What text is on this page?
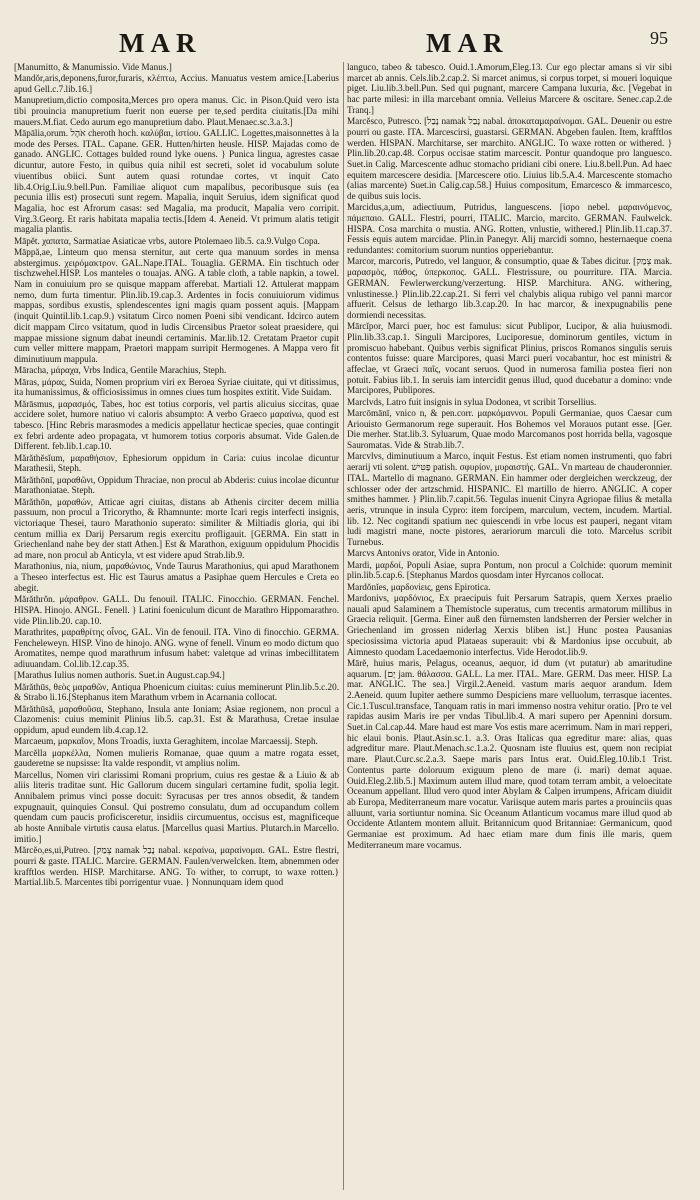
MAR	MAR	95

[Manumitto, & Manumissio. Vide Manus.]

Mandŏr,aris,deponens,furor,furaris, κλέπτω, Accius. Manuatus vestem amice.[Laberius apud Gell.c.7.lib.16.]

Manupretium,dictio composita,Merces pro opera manus. Cic. in Pison.Quid vero ista tibi prouincia manupretium fuerit non euerse per te,sed perdita ciuitatis.[Da mihi mauers.M.fiat. Cedo aurum ego manupretium dabo. Plaut.Menaec.sc.3.a.3.]

Māpālia,orum. אֹהֶל cheroth hoch. καλύβαι, ἱστίου. GALLIC. Logettes,maisonnettes à la mode des Perses. ITAL. Capane. GER. Hutten/hirten heusle. HISP. Majadas como de ganado. ANGLIC. Cottages bulded round lyke ouens. } Punica lingua, agrestes casae dicuntur, autore Festo, in quibus quia nihil est secreti, solet id vocabulum solute viuentibus obiici. Sunt autem quasi rotundae cortes, vt inquit Cato lib.4.Orig.Liu.9.bell.Pun. Familiae aliquot cum mapalibus, pecoribusque suis (ea pecunia illis est) prosecuti sunt regem. Mapalia, inquit Seruius, idem significat quod Magalia, hoc est Afrorum casas: sed Magalia, ma producit, Mapalia vero corripit. Virg.3.Georg. Et raris habitata mapalia tectis.[Idem 4. Aeneid. Vt primum alatis tetigit magalia plantis.

Māpĕt. χαπατα, Sarmatiae Asiaticae vrbs, autore Ptolemaeo lib.5. ca.9.Vulgo Copa.

Māppă,ae, Linteum quo mensa sternitur, aut certe qua manuum sordes in mensa abstergimus. χειρόμακτρον. GAL.Nape.ITAL. Touaglia. GERMA. Ein tischtuch oder tischzwehel.HISP. Los manteles o touajas. ANG. A table cloth, a table napkin, a towel. Nam in conuiuium pro se quisque mappam afferebat. Martiali 12. Attulerat mappam nemo, dum furta timentur. Plin.lib.19.cap.3. Ardentes in focis conuiuiorum vidimus mappas, sordibus exustis, splendescentes igni magis quam possent aquis. [Mappam (inquit Quintil.lib.1.cap.9.) vsitatum Circo nomen Poeni sibi vendicant. Idcirco autem dicit mappam Circo vsitatum, quod in ludis Circensibus Praetor soleat praesidere, qui mappae missione signum dabat ineundi certaminis. Mar.lib.12. Cretatam Praetor cupit cum veller mittere mappam, Praetori mappam surripit Hermogenes. A Mappa vero fit diminutiuum mappula.

Māracha, μάραχα, Vrbs Indica, Gentile Marachius, Steph.

Māras, μάρας, Suida, Nomen proprium viri ex Beroea Syriae ciuitate, qui vt ditissimus, ita humanissimus, & officiosissimus in omnes ciues tum hospites extitit. Vide Suidam.

Mărāsmus, μαρασμός, Tabes, hoc est totius corporis, vel partis alicuius siccitas, quae accidere solet, humore natiuo vi caloris absumpto: A verbo Graeco μαραίνω, quod est tabesco. [Hinc Rebris marasmodes a medicis appellatur hecticae species, quae contingit ex febri ardente adeo propagata, vt humorem totius corporis absumat. Vide Galen.de Different. feb.lib.1.cap.10.

Mărăthĕsĭum, μαραθήσιον, Ephesiorum oppidum in Caria: cuius incolae dicuntur Marathesii, Steph.

Mărăthōnī, μαραθῶνι, Oppidum Thraciae, non procul ab Abderis: cuius incolae dicuntur Marathoniatae. Steph.

Mărăthōn, μαραθών, Atticae agri ciuitas, distans ab Athenis circiter decem millia passuum, non procul a Tricorytho, & Rhamnunte: morte Icari regis interfecti insignis, victoriaque Thesei, tauro Marathonio superato: similiter & Miltiadis gloria, qui ibi centum millia ex Darij Persarum regis exercitu profligauit. [GERMA. Ein statt in Griechenland nahe bey der statt Athen.] Est & Marathon, exiguum oppidulum Phocidis ad mare, non procul ab Anticyla, vt est videre apud Strab.lib.9.

Marathonius, nia, nium, μαραθώνιος, Vnde Taurus Marathonius, qui apud Marathonem a Theseo interfectus est. Hic est Taurus amatus a Pasiphae quem Hercules e Creta eo abegit.

Mărăthrŏn. μάραθρον. GALL. Du fenouil. ITALIC. Finocchio. GERMAN. Fenchel. HISPA. Hinojo. ANGL. Fenell. } Latini foeniculum dicunt de Marathro Hippomarathro. vide Plin.lib.20. cap.10.

Marathrites, μαραθρίτης οἶνος, GAL. Vin de fenouil. ITA. Vino di finocchio. GERMA. Fencheleweyn. HISP. Vino de hinojo. ANG. wyne of fenell. Vinum eo modo dictum quo Aromatites, nempe quod marathrum infusum habet: valetque ad vrinas imbecillitatem adiuuandam. Col.lib.12.cap.35.

[Marathus Iulius nomen authoris. Suet.in August.cap.94.]

Mărăthūs, θεὸς μαραθῶν, Antiqua Phoenicum ciuitas: cuius meminerunt Plin.lib.5.c.20. & Strabo li.16.[Stephanus item Marathum vrbem in Acarnania collocat.

Mărăthūsă, μαραθοῦσα, Stephano, Insula ante Ioniam; Asiae regionem, non procul a Clazomenis: cuius meminit Plinius lib.5. cap.31. Est & Marathusa, Cretae insulae oppidum, apud eundem lib.4.cap.12.

Marcaeum, μαρκαῖον, Mons Troadis, iuxta Geraghitem, incolae Marcaessij. Steph.

Marcĕlla μαρκέλλα, Nomen mulieris Romanae, quae quum a matre rogata esset, gauderetne se nupsisse: Ita valde respondit, vt amplius nolim.

Marcellus, Nomen viri clarissimi Romani proprium, cuius res gestae & a Liuio & ab aliis literis traditae sunt. Hic Gallorum ducem singulari certamine fudit, spolia legit. Annibalem primus vinci posse docuit: Syracusas per tres annos obsedit, & tandem expugnauit, quinquies Consul. Qui postremo consulatu, dum ad occupandum collem quendam cum paucis proficisceretur, insidiis circumuentus, occisus est, magnificeque ab hoste Annibale virtutis causa elatus. [Marcellus quasi Martius. Plutarch.in Marcello. imitio.]

Mărcĕo,es,ui,Putreo. [צְמַק namak נָבַל nabal. κεραίνω, μαραίνομαι. GAL. Estre flestri, pourri & gaste. ITALIC. Marcire. GERMAN. Faulen/verwelcken. Item, abnemmen oder krafftlos werden. HISP. Marchitarse. ANG. To wither, to corrupt, to waxe rotten.} Martial.lib.5. Marcentes tibi porrigentur vuae. } Nonnunquam idem quod

languco, tabeo & tabesco. Ouid.1.Amorum,Eleg.13. Cur ego plectar amans si vir sibi marcet ab annis. Cels.lib.2.cap.2. Si marcet animus, si corpus torpet, si moueri loquique piget. Liu.lib.3.bell.Pun. Sed qui pugnant, marcere Campana luxuria, &c. [Vegebat in hac parte milesi: in illa marcebant omnia. Velleius Marcere & oscitare. Senec.cap.2.de Tranq.]

Marcĕsco, Putresco. [נָבַל namak נָבַל nabal. ἀποκαταμαραίνομαι. GAL. Deuenir ou estre pourri ou gaste. ITA. Marcescirsi, guastarsi. GERMAN. Abgeben faulen. Item, krafftlos werden. HISPAN. Marchitarse, ser marchito. ANGLIC. To waxe rotten or withered. } Plin.lib.20.cap.48. Corpus occisae statim marcescit. Pontur quandoque pro languesco. Suet.in Calig. Marcescente adhuc stomacho pridiani cibi onere. Liu.8.bell.Pun. Ad haec equitem marcescere desidia. [Marcescere otio. Liuius lib.5.A.4. Marcescente stomacho (alias marcente) Suet.in Calig.cap.58.] Huius compositum, Emarcesco & immarcesco, de quibus suis locis.

Marcidus,a,um, adiectiuum, Putridus, languescens. [ἰσρο nebel. μαραινόμενος, πάμεπαιο. GALL. Flestri, pourri, ITALIC. Marcio, marcito. GERMAN. Faulwelck. HISPA. Cosa marchita o mustia. ANG. Rotten, vnlustie, withered.] Plin.lib.11.cap.37. Fessis equis autem marcidae. Plin.in Panegyr. Alij marcidi somno, hesternaeque coena redundantes: comitorium suorum nuntios opperiebantur.

Marcor, marcoris, Putredo, vel languor, & consumptio, quae & Tabes dicitur. [צְמַק mak. μαρασμὸς, πάθος, ὑπερκοπος. GALL. Flestrissure, ou pourriture. ITA. Marcia. GERMAN. Fewlerwerckung/verzertung. HISP. Marchitura. ANG. withering, vnlustinesse.} Plin.lib.22.cap.21. Si ferri vel chalybis aliqua rubigo vel panni marcor affuerit. Celsus de lethargo lib.3.cap.20. In hac marcor, & inexpugnabilis pene dormiendi necessitas.

Mārcĭpor, Marci puer, hoc est famulus: sicut Publipor, Lucipor, & alia huiusmodi. Plin.lib.33.cap.1. Singuli Marcipores, Luciporesue, dominorum gentiles, victum in promiscuo habebant. Quibus verbis significat Plinius, priscos Romanos singulis seruis contentos fuisse: quare Marcipores, quasi Marci pueri vocabantur, hoc est ministri & affeclae, vt Graeci παῖς, vocant seruos. Quod in numerosa familia postea fieri non potuit. Fabius lib.1. In seruis iam intercidit genus illud, quod ducebatur a domino: vnde Marcipores, Publipores.

Marclvds, Latro fuit insignis in sylua Dodonea, vt scribit Torsellius.

Marcōmānī, vnico n, & pen.corr. μαρκόμαννοι. Populi Germaniae, quos Caesar cum Ariouisto Germanorum rege superauit. Hos Bohemos vel Morauos putant esse. [Ger. Die merher. Stat.lib.3. Syluarum, Quae modo Marcomanos post horrida bella, vagosque Sauromatas. Vide & Strab.lib.7.

Marcvlvs, diminutiuum a Marco, inquit Festus. Est etiam nomen instrumenti, quo fabri aerarij vti solent. פַּטִּישׁ patish. σφυρίον, μυραιστής. GAL. Vn marteau de chauderonnier. ITAL. Martello di magnano. GERMAN. Ein hammer oder dergleichen werckzeug, der schlosser oder der artzschmid. HISPANIC. El martillo de hierro. ANGLIC. A coper smithes hammer. } Plin.lib.7.capit.56. Tegulas inuenit Cinyra Agriopae filius & metalla aeris, vtrunque in insula Cypro: item forcipem, marculum, vectem, incudem. Martial. lib. 12. Nec cogitandi spatium nec quiescendi in vrbe locus est pauperi, negant vitam ludi magistri mane, nocte pistores, aerariorum marculi die toto. Marcelus scribit Turnebus.

Marcvs Antonivs orator, Vide in Antonio.

Mardi, μαρδοί, Populi Asiae, supra Pontum, non procul a Colchide: quorum meminit plin.lib.5.cap.6. [Stephanus Mardos quosdam inter Hyrcanos collocat.

Mardŏnĭes, μαρδονίεις, gens Epirotica.

Mardonivs, μαρδόνιος, Ex praecipuis fuit Persarum Satrapis, quem Xerxes praelio nauali apud Salaminem a Themistocle superatus, cum trecentis armatorum millibus in Graecia reliquit. [Germa. Einer auß den fürnemsten landsherren der Persier welcher in Griechenland im grossen niderlag Xerxis bliben ist.] Hunc postea Pausanias speciosissima victoria apud Plataeas superauit: vbi & Mardonius ipse occubuit, ab Aimnesto quodam Lacedaemonio interfectus. Vide Herodot.lib.9.

Mārĕ, huius maris, Pelagus, oceanus, aequor, id dum (vt putatur) ab amaritudine aquarum. [יָם jam. θάλασσα. GALL. La mer. ITAL. Mare. GERM. Das meer. HISP. La mar. ANGLIC. The sea.] Virgil.2.Aeneid. vastum maris aequor arandum. Idem 2.Aeneid. quum Iupiter aethere summo Despiciens mare velluolum, terrasque iacentes. Cic.1.Tuscul.transface, Tanquam ratis in mari immenso nostra vehitur oratio. [Pro te vel rapidas ausim Maris ire per vndas Tibul.lib.4. A mari supero per Apennini dorsum. Suet.in Cal.cap.44. Mare haud est mare Vos estis mare acerrimum. Nam in mari repperi, hic elaui bonis. Plaut.Asin.sc.1. a.3. Oras Italicas qua egreditur mare: alias, quas adgreditur mare. Plaut.Menach.sc.1.a.2. Quosnam iste fluuius est, quem non recipiat mare. Plaut.Curc.sc.2.a.3. Saepe maris pars Intus erat. Ouid.Eleg.10.lib.1 Trist. Contentus parte doloruum exiguum pleno de mare (i. mari) demat aquae. Ouid.Eleg.2.lib.5.] Maximum autem illud mare, quod totam terram ambit, a veloecitate Oceanum appellant. Illud vero quod inter Abylam & Calpen irrumpens, Africam diuidit ab Europa, Mediterraneum mare vocatur. Variisque autem maris partes a prouinciis quas alluunt, varia sortiuntur nomina. Sic Oceanum Atlanticum vocamus mare illud quod ab Occidente Atlantem montem alluit. Britannicum quod Britanniae: Germanicum, quod Germaniae est proximum. Ad haec etiam mare dum finis ille maris, quem Mediterraneum mare vocamus.
